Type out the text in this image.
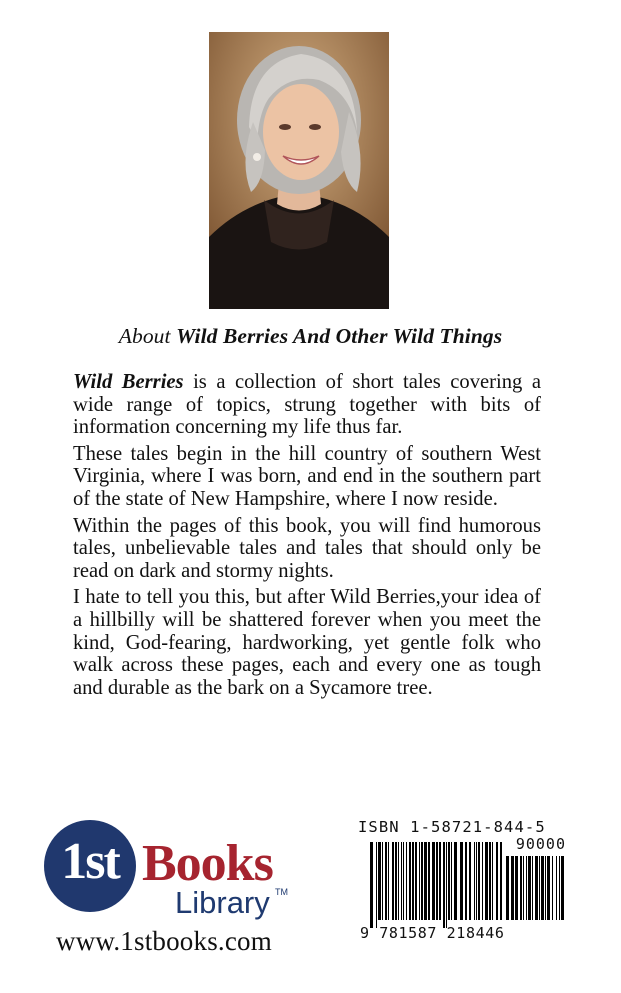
About Wild Berries And Other Wild Things

Wild Berries is a collection of short tales covering a wide range of topics, strung together with bits of information concerning my life thus far.

These tales begin in the hill country of southern West Virginia, where I was born, and end in the southern part of the state of New Hampshire, where I now reside.

Within the pages of this book, you will find humorous tales, unbelievable tales and tales that should only be read on dark and stormy nights.

I hate to tell you this, but after Wild Berries,your idea of a hillbilly will be shattered forever when you meet the kind, God-fearing, hardworking, yet gentle folk who walk across these pages, each and every one as tough and durable as the bark on a Sycamore tree.

1st Books
Library TM
www.1stbooks.com
ISBN 1-58721-844-5
90000
9 781587 218446
